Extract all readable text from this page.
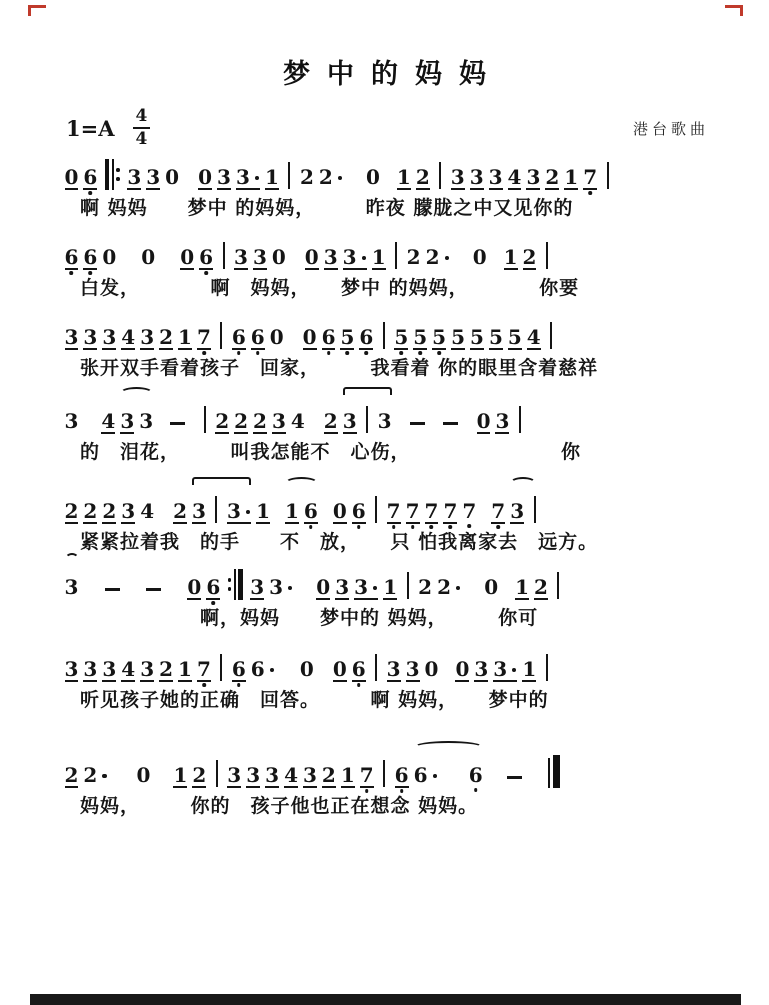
梦中的妈妈
$1=A \frac{4}{4}$	港台歌曲
0 6 3 3 0 0 3 3 1 2 2 0 1 2 3 3 3 4 3 2 1 7
啊 妈妈　　梦中 的妈妈，　　　昨夜 朦胧之中又见你的
6 6 0 0 0 6 3 3 0 0 3 3 1 2 2 0 1 2
白发，　　　　啊　妈妈，　　梦中 的妈妈，　　　　你要
3 3 3 4 3 2 1 7 6 6 0 0 6 5 6 5 5 5 5 5 5 5 4
张开双手看着孩子　回家，　　　我看着 你的眼里含着慈祥
3 4 3 3	2 2 2 3 4 2 3 3	0 3
的　泪花，　　　叫我怎能不　心伤，　　　　　　　　你
2 2 2 3 4 2 3 3 1 1 6 0 6 7 7 7 7 7 7 3
紧紧拉着我　的手　　不　放，　　只 怕我离家去　远方。
3	0 6 3 3 0 3 3 1 2 2 0 1 2
　　　　　　啊，妈妈　　梦中的 妈妈，　　　你可
3 3 3 4 3 2 1 7 6 6 0 0 6 3 3 0 0 3 3 1
听见孩子她的正确　回答。　　　啊 妈妈，　　梦中的
2 2 0 1 2 3 3 3 4 3 2 1 7 6 6 6
妈妈，　　　你的　孩子他也正在想念 妈妈。
